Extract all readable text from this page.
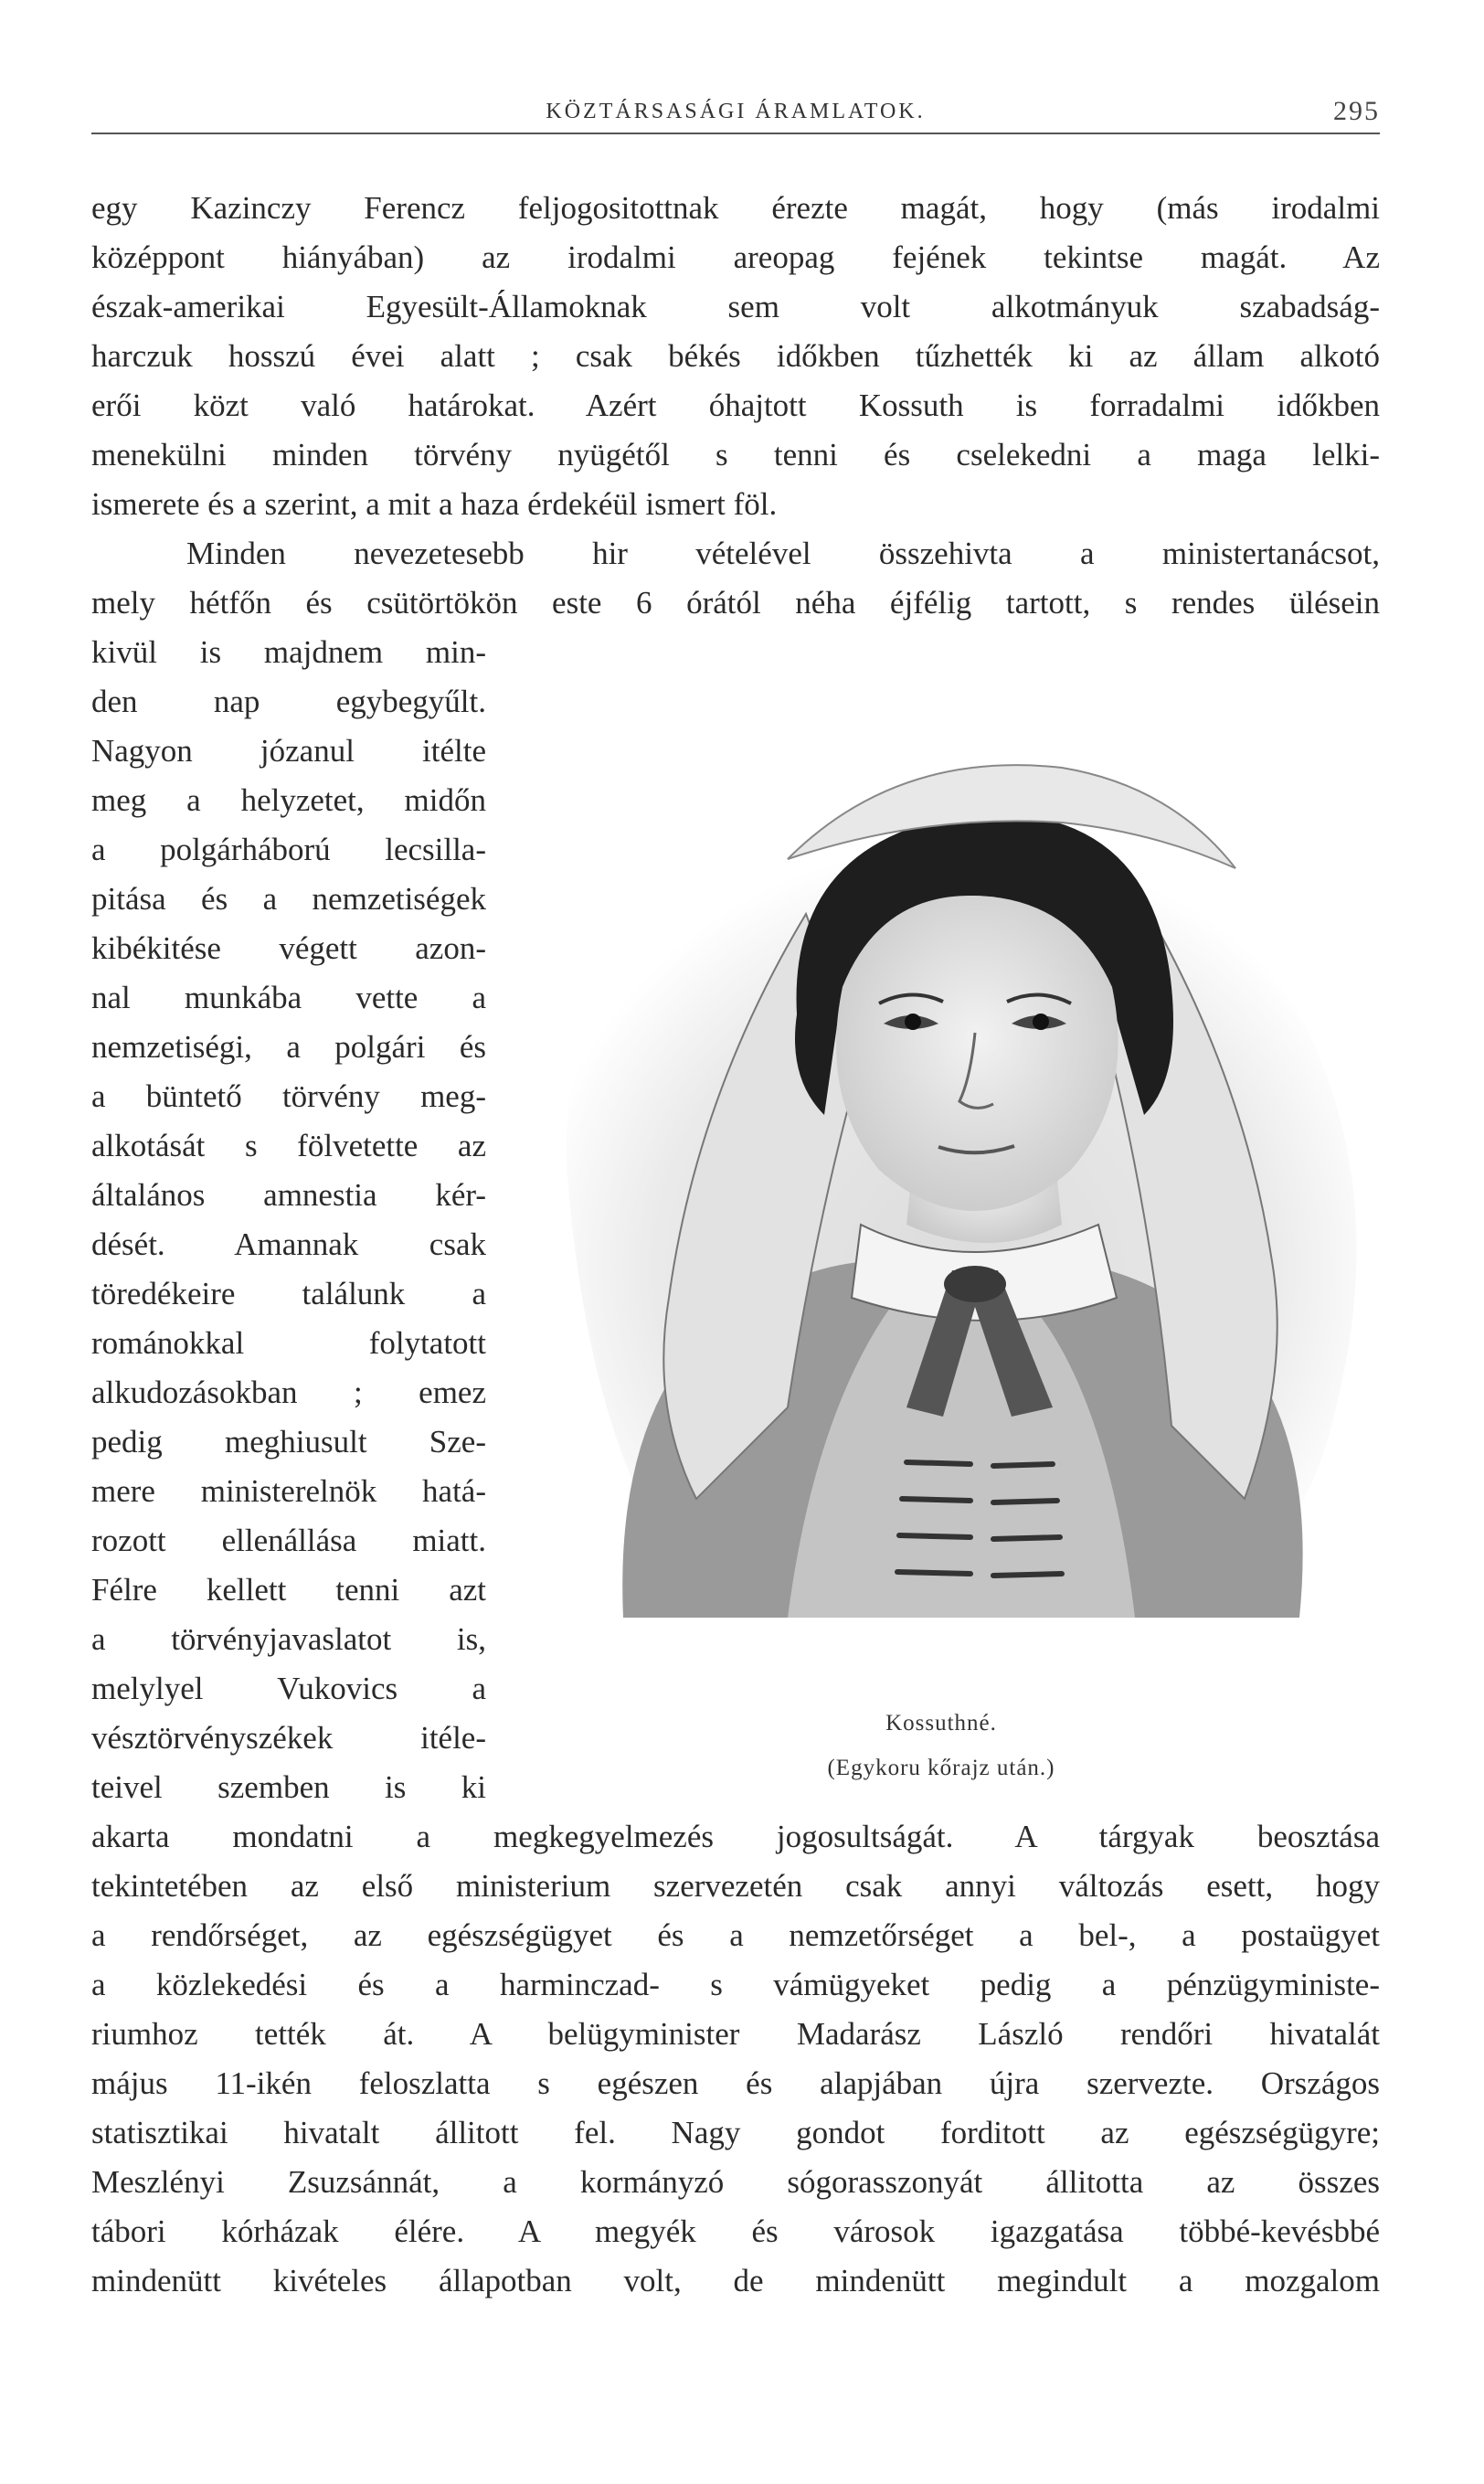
KÖZTÁRSASÁGI ÁRAMLATOK.	295
egy Kazinczy Ferencz feljogositottnak érezte magát, hogy (más irodalmi
középpont hiányában) az irodalmi areopag fejének tekintse magát. Az
észak-amerikai Egyesült-Államoknak sem volt alkotmányuk szabadság-
harczuk hosszú évei alatt ; csak békés időkben tűzhették ki az állam alkotó
erői közt való határokat. Azért óhajtott Kossuth is forradalmi időkben
menekülni minden törvény nyügétől s tenni és cselekedni a maga lelki-
ismerete és a szerint, a mit a haza érdekéül ismert föl.
Minden nevezetesebb hir vételével összehivta a ministertanácsot,
mely hétfőn és csütörtökön este 6 órától néha éjfélig tartott, s rendes ülésein
kivül is majdnem min-
den nap egybegyűlt.
Nagyon józanul itélte
meg a helyzetet, midőn
a polgárháború lecsilla-
pitása és a nemzetiségek
kibékitése végett azon-
nal munkába vette a
nemzetiségi, a polgári és
a büntető törvény meg-
alkotását s fölvetette az
általános amnestia kér-
dését. Amannak csak
töredékeire találunk a
románokkal folytatott
alkudozásokban ; emez
pedig meghiusult Sze-
mere ministerelnök hatá-
rozott ellenállása miatt.
Félre kellett tenni azt
a törvényjavaslatot is,
melylyel Vukovics a
vésztörvényszékek itéle-
teivel szemben is ki
akarta mondatni a megkegyelmezés jogosultságát. A tárgyak beosztása
tekintetében az első ministerium szervezetén csak annyi változás esett, hogy
a rendőrséget, az egészségügyet és a nemzetőrséget a bel-, a postaügyet
a közlekedési és a harminczad- s vámügyeket pedig a pénzügyministe-
riumhoz tették át. A belügyminister Madarász László rendőri hivatalát
május 11-ikén feloszlatta s egészen és alapjában újra szervezte. Országos
statisztikai hivatalt állitott fel. Nagy gondot forditott az egészségügyre;
Meszlényi Zsuzsánnát, a kormányzó sógorasszonyát állitotta az összes
tábori kórházak élére. A megyék és városok igazgatása többé-kevésbbé
mindenütt kivételes állapotban volt, de mindenütt megindult a mozgalom
Kossuthné.
(Egykoru kőrajz után.)
